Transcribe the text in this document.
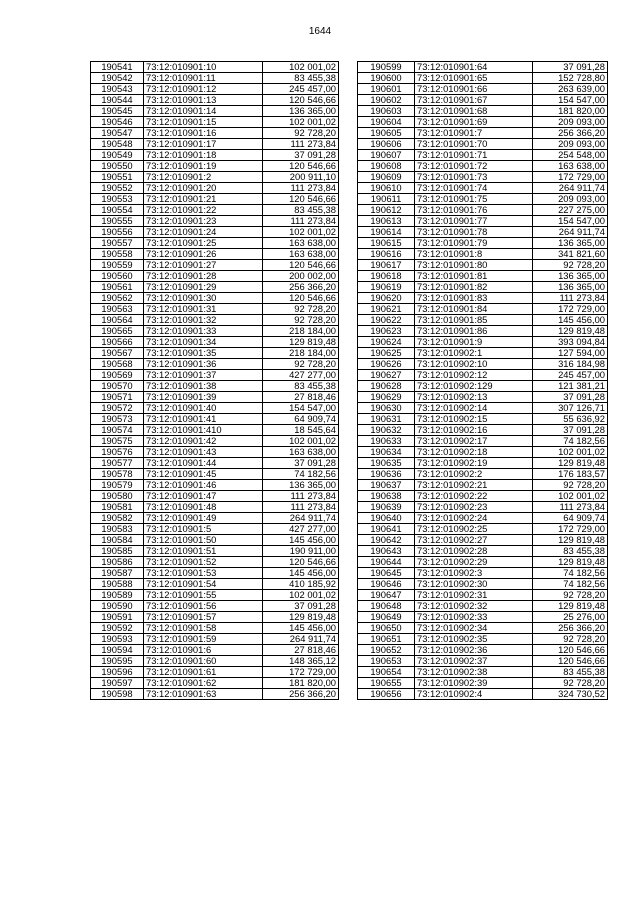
1644
190541	73:12:010901:10	102 001,02
190542	73:12:010901:11	83 455,38
190543	73:12:010901:12	245 457,00
190544	73:12:010901:13	120 546,66
190545	73:12:010901:14	136 365,00
190546	73:12:010901:15	102 001,02
190547	73:12:010901:16	92 728,20
190548	73:12:010901:17	111 273,84
190549	73:12:010901:18	37 091,28
190550	73:12:010901:19	120 546,66
190551	73:12:010901:2	200 911,10
190552	73:12:010901:20	111 273,84
190553	73:12:010901:21	120 546,66
190554	73:12:010901:22	83 455,38
190555	73:12:010901:23	111 273,84
190556	73:12:010901:24	102 001,02
190557	73:12:010901:25	163 638,00
190558	73:12:010901:26	163 638,00
190559	73:12:010901:27	120 546,66
190560	73:12:010901:28	200 002,00
190561	73:12:010901:29	256 366,20
190562	73:12:010901:30	120 546,66
190563	73:12:010901:31	92 728,20
190564	73:12:010901:32	92 728,20
190565	73:12:010901:33	218 184,00
190566	73:12:010901:34	129 819,48
190567	73:12:010901:35	218 184,00
190568	73:12:010901:36	92 728,20
190569	73:12:010901:37	427 277,00
190570	73:12:010901:38	83 455,38
190571	73:12:010901:39	27 818,46
190572	73:12:010901:40	154 547,00
190573	73:12:010901:41	64 909,74
190574	73:12:010901:410	18 545,64
190575	73:12:010901:42	102 001,02
190576	73:12:010901:43	163 638,00
190577	73:12:010901:44	37 091,28
190578	73:12:010901:45	74 182,56
190579	73:12:010901:46	136 365,00
190580	73:12:010901:47	111 273,84
190581	73:12:010901:48	111 273,84
190582	73:12:010901:49	264 911,74
190583	73:12:010901:5	427 277,00
190584	73:12:010901:50	145 456,00
190585	73:12:010901:51	190 911,00
190586	73:12:010901:52	120 546,66
190587	73:12:010901:53	145 456,00
190588	73:12:010901:54	410 185,92
190589	73:12:010901:55	102 001,02
190590	73:12:010901:56	37 091,28
190591	73:12:010901:57	129 819,48
190592	73:12:010901:58	145 456,00
190593	73:12:010901:59	264 911,74
190594	73:12:010901:6	27 818,46
190595	73:12:010901:60	148 365,12
190596	73:12:010901:61	172 729,00
190597	73:12:010901:62	181 820,00
190598	73:12:010901:63	256 366,20
190599	73:12:010901:64	37 091,28
190600	73:12:010901:65	152 728,80
190601	73:12:010901:66	263 639,00
190602	73:12:010901:67	154 547,00
190603	73:12:010901:68	181 820,00
190604	73:12:010901:69	209 093,00
190605	73:12:010901:7	256 366,20
190606	73:12:010901:70	209 093,00
190607	73:12:010901:71	254 548,00
190608	73:12:010901:72	163 638,00
190609	73:12:010901:73	172 729,00
190610	73:12:010901:74	264 911,74
190611	73:12:010901:75	209 093,00
190612	73:12:010901:76	227 275,00
190613	73:12:010901:77	154 547,00
190614	73:12:010901:78	264 911,74
190615	73:12:010901:79	136 365,00
190616	73:12:010901:8	341 821,60
190617	73:12:010901:80	92 728,20
190618	73:12:010901:81	136 365,00
190619	73:12:010901:82	136 365,00
190620	73:12:010901:83	111 273,84
190621	73:12:010901:84	172 729,00
190622	73:12:010901:85	145 456,00
190623	73:12:010901:86	129 819,48
190624	73:12:010901:9	393 094,84
190625	73:12:010902:1	127 594,00
190626	73:12:010902:10	316 184,98
190627	73:12:010902:12	245 457,00
190628	73:12:010902:129	121 381,21
190629	73:12:010902:13	37 091,28
190630	73:12:010902:14	307 126,71
190631	73:12:010902:15	55 636,92
190632	73:12:010902:16	37 091,28
190633	73:12:010902:17	74 182,56
190634	73:12:010902:18	102 001,02
190635	73:12:010902:19	129 819,48
190636	73:12:010902:2	176 183,57
190637	73:12:010902:21	92 728,20
190638	73:12:010902:22	102 001,02
190639	73:12:010902:23	111 273,84
190640	73:12:010902:24	64 909,74
190641	73:12:010902:25	172 729,00
190642	73:12:010902:27	129 819,48
190643	73:12:010902:28	83 455,38
190644	73:12:010902:29	129 819,48
190645	73:12:010902:3	74 182,56
190646	73:12:010902:30	74 182,56
190647	73:12:010902:31	92 728,20
190648	73:12:010902:32	129 819,48
190649	73:12:010902:33	25 276,00
190650	73:12:010902:34	256 366,20
190651	73:12:010902:35	92 728,20
190652	73:12:010902:36	120 546,66
190653	73:12:010902:37	120 546,66
190654	73:12:010902:38	83 455,38
190655	73:12:010902:39	92 728,20
190656	73:12:010902:4	324 730,52
